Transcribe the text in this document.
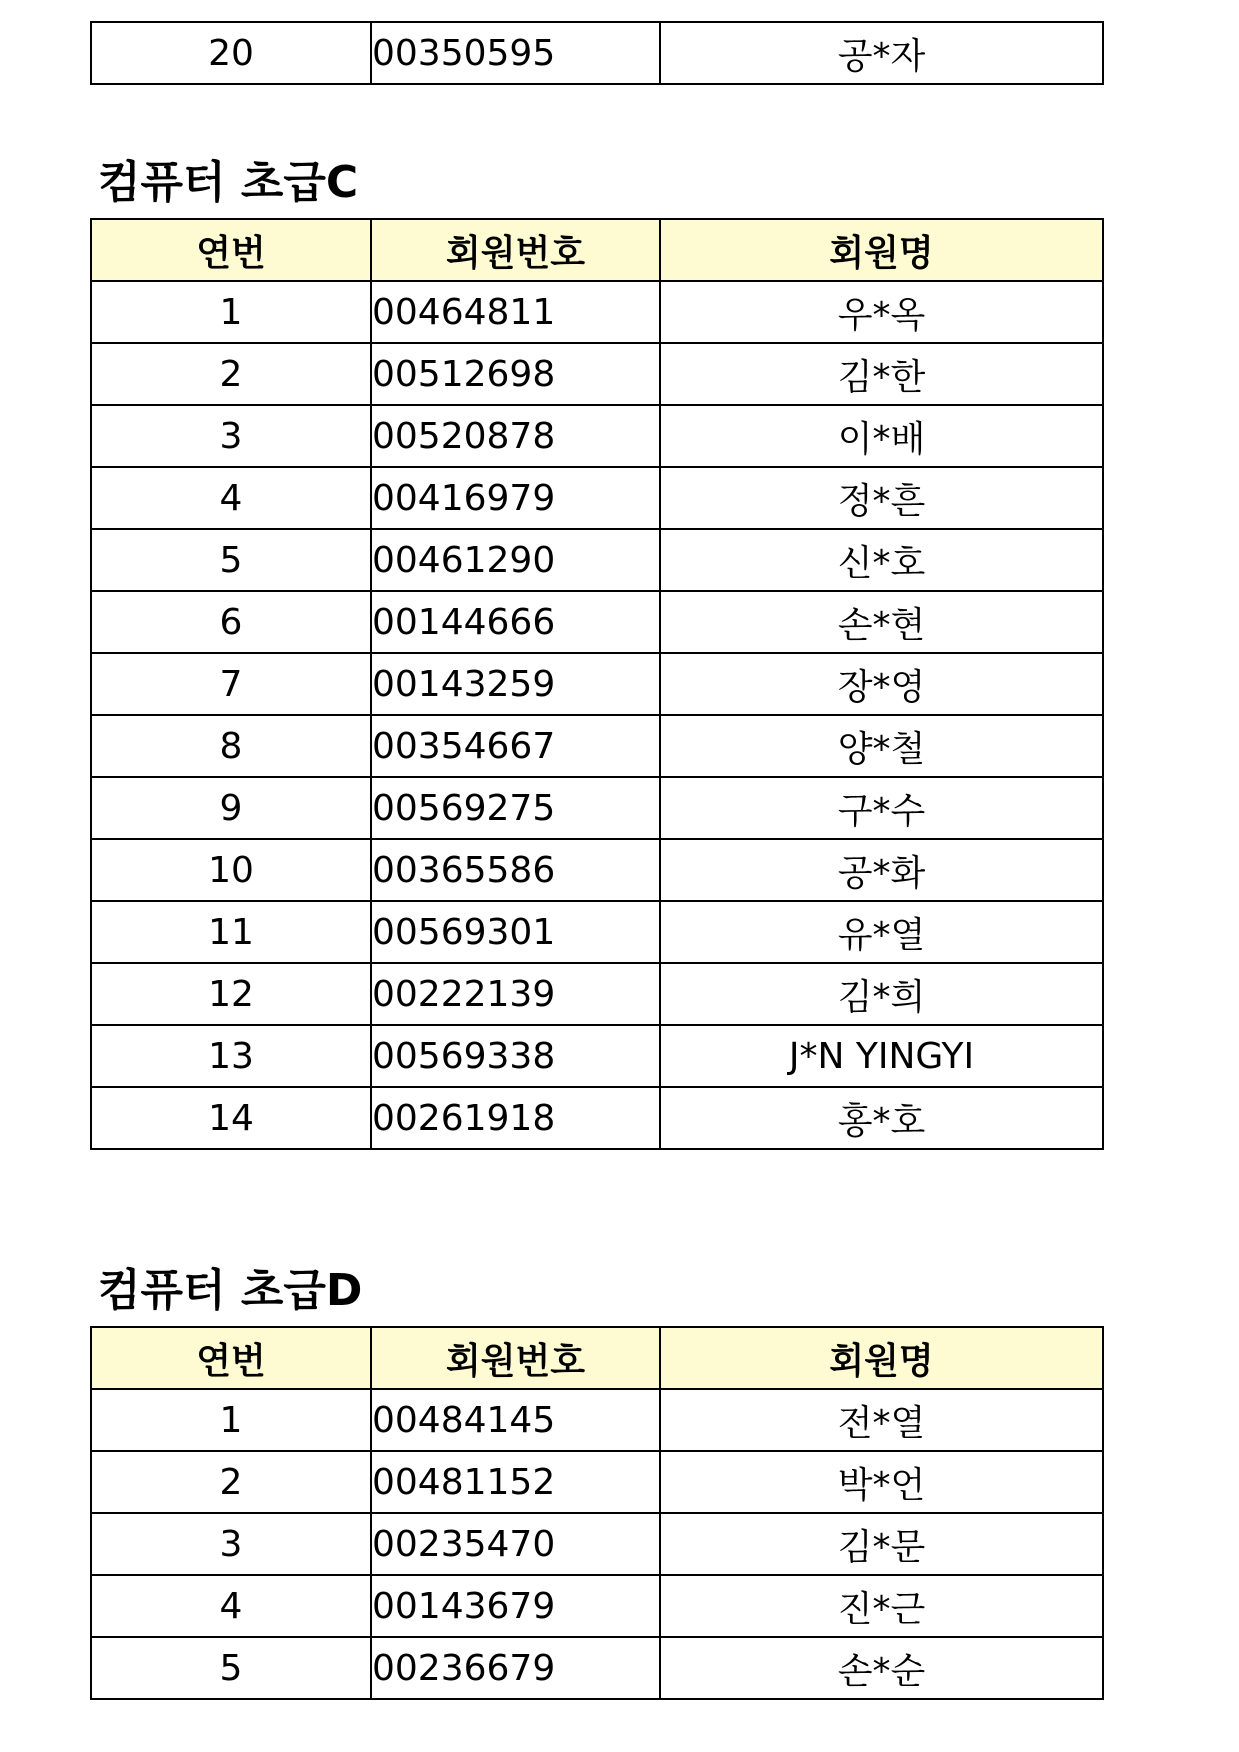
20	00350595	공*자
컴퓨터 초급C
연번	회원번호	회원명
1	00464811	우*옥
2	00512698	김*한
3	00520878	이*배
4	00416979	정*흔
5	00461290	신*호
6	00144666	손*현
7	00143259	장*영
8	00354667	양*철
9	00569275	구*수
10	00365586	공*화
11	00569301	유*열
12	00222139	김*희
13	00569338	J*N YINGYI
14	00261918	홍*호
컴퓨터 초급D
연번	회원번호	회원명
1	00484145	전*열
2	00481152	박*언
3	00235470	김*문
4	00143679	진*근
5	00236679	손*순
